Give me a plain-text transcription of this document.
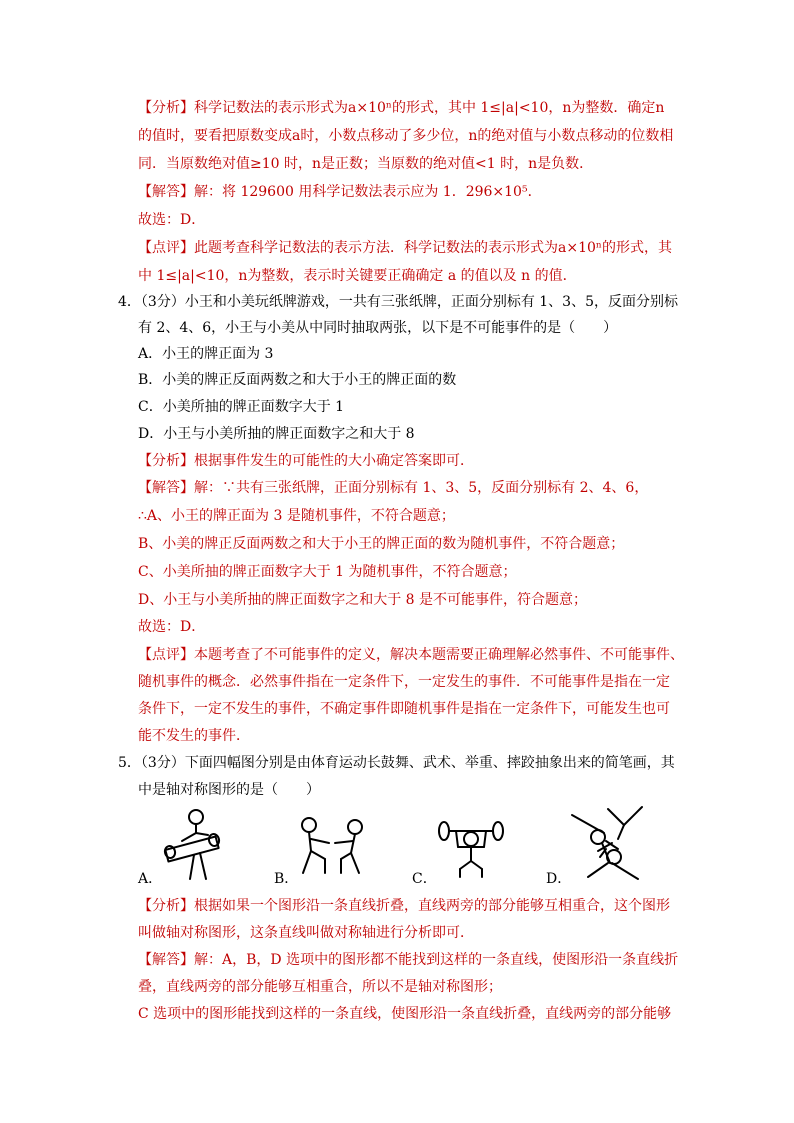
【分析】科学记数法的表示形式为a×10ⁿ的形式，其中 1≤|a|<10，n为整数．确定n
的值时，要看把原数变成a时，小数点移动了多少位，n的绝对值与小数点移动的位数相
同．当原数绝对值≥10 时，n是正数；当原数的绝对值<1 时，n是负数．
【解答】解：将 129600 用科学记数法表示应为 1．296×10⁵．
故选：D．
【点评】此题考查科学记数法的表示方法．科学记数法的表示形式为a×10ⁿ的形式，其
中 1≤|a|<10，n为整数，表示时关键要正确确定 a 的值以及 n 的值．
4．（3分）小王和小美玩纸牌游戏，一共有三张纸牌，正面分别标有 1、3、5，反面分别标
有 2、4、6，小王与小美从中同时抽取两张，以下是不可能事件的是（　　）
A．小王的牌正面为 3
B．小美的牌正反面两数之和大于小王的牌正面的数
C．小美所抽的牌正面数字大于 1
D．小王与小美所抽的牌正面数字之和大于 8
【分析】根据事件发生的可能性的大小确定答案即可．
【解答】解：∵共有三张纸牌，正面分别标有 1、3、5，反面分别标有 2、4、6，
∴A、小王的牌正面为 3 是随机事件，不符合题意；
B、小美的牌正反面两数之和大于小王的牌正面的数为随机事件，不符合题意；
C、小美所抽的牌正面数字大于 1 为随机事件，不符合题意；
D、小王与小美所抽的牌正面数字之和大于 8 是不可能事件，符合题意；
故选：D．
【点评】本题考查了不可能事件的定义，解决本题需要正确理解必然事件、不可能事件、
随机事件的概念．必然事件指在一定条件下，一定发生的事件．不可能事件是指在一定
条件下，一定不发生的事件，不确定事件即随机事件是指在一定条件下，可能发生也可
能不发生的事件．
5．（3分）下面四幅图分别是由体育运动长鼓舞、武术、举重、摔跤抽象出来的简笔画，其
中是轴对称图形的是（　　）
A．	B．	C．	D．
【分析】根据如果一个图形沿一条直线折叠，直线两旁的部分能够互相重合，这个图形
叫做轴对称图形，这条直线叫做对称轴进行分析即可．
【解答】解：A，B，D 选项中的图形都不能找到这样的一条直线，使图形沿一条直线折
叠，直线两旁的部分能够互相重合，所以不是轴对称图形；
C 选项中的图形能找到这样的一条直线，使图形沿一条直线折叠，直线两旁的部分能够
